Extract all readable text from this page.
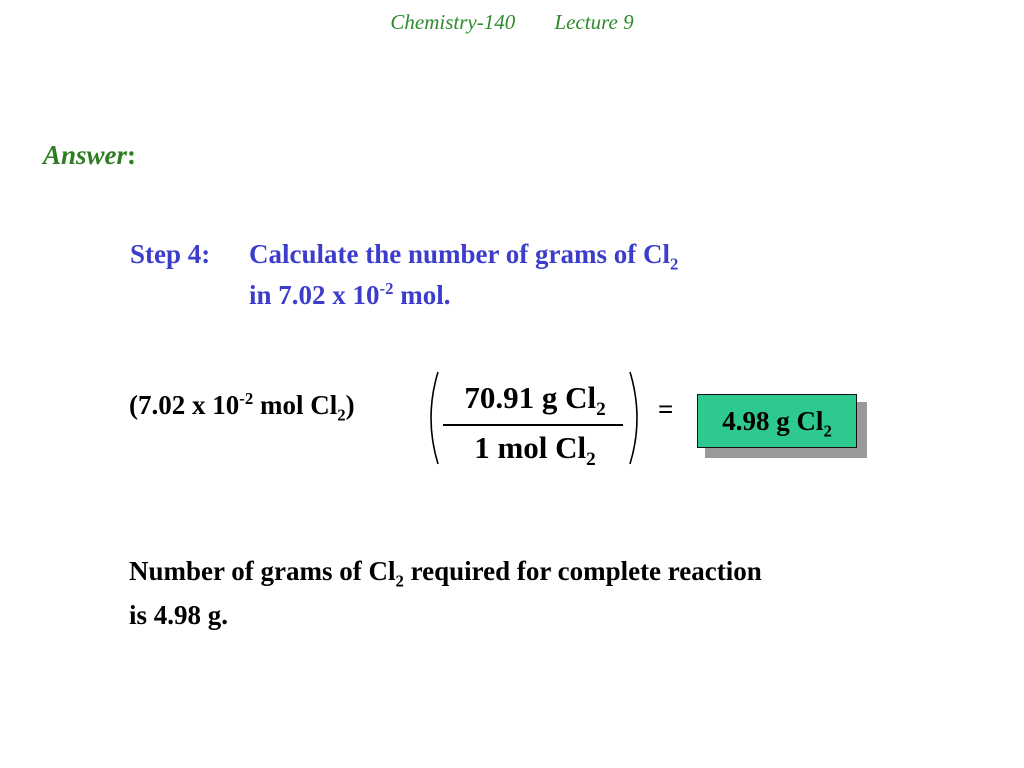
Chemistry-140 Lecture 9
Answer:
Step 4: Calculate the number of grams of $Cl_2$
in 7.02 x $10^{-2}$ mol.
(7.02 x $10^{-2}$ mol $Cl_2$)	70.91 g $Cl_2$
1 mol $Cl_2$
=	4.98 g $Cl_2$
Number of grams of $Cl_2$ required for complete reaction
is 4.98 g.
